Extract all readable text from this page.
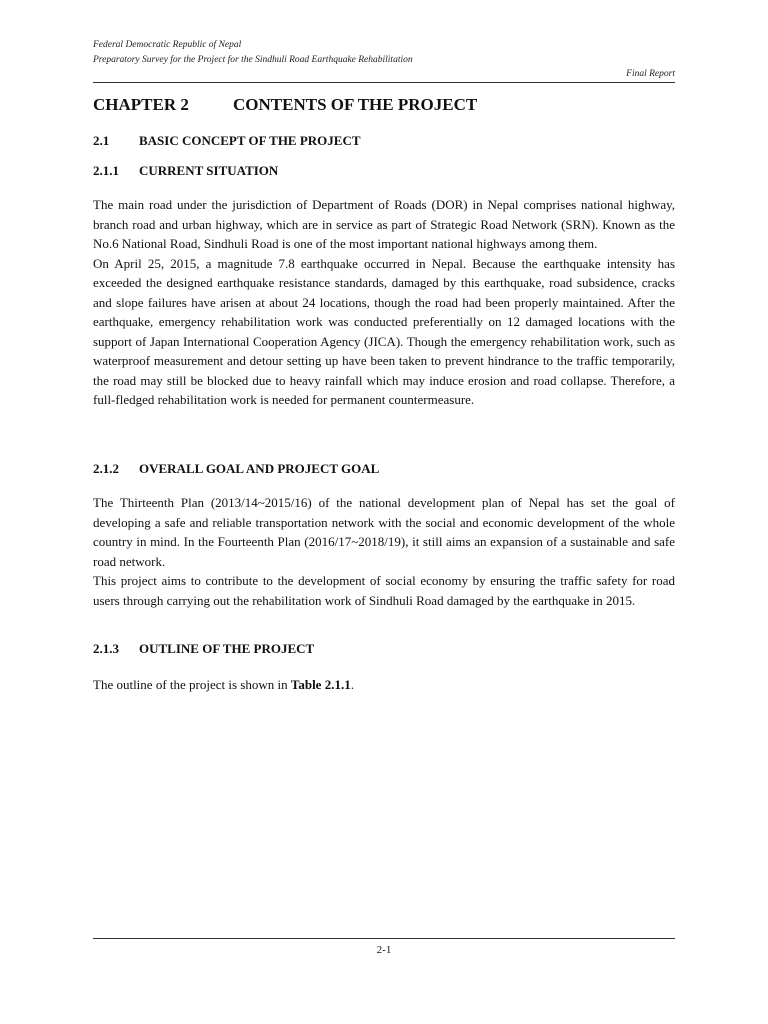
Federal Democratic Republic of Nepal
Preparatory Survey for the Project for the Sindhuli Road Earthquake Rehabilitation
Final Report
CHAPTER 2	CONTENTS OF THE PROJECT
2.1 BASIC CONCEPT OF THE PROJECT
2.1.1 CURRENT SITUATION

The main road under the jurisdiction of Department of Roads (DOR) in Nepal comprises national highway, branch road and urban highway, which are in service as part of Strategic Road Network (SRN). Known as the No.6 National Road, Sindhuli Road is one of the most important national highways among them.

On April 25, 2015, a magnitude 7.8 earthquake occurred in Nepal. Because the earthquake intensity has exceeded the designed earthquake resistance standards, damaged by this earthquake, road subsidence, cracks and slope failures have arisen at about 24 locations, though the road had been properly maintained. After the earthquake, emergency rehabilitation work was conducted preferentially on 12 damaged locations with the support of Japan International Cooperation Agency (JICA). Though the emergency rehabilitation work, such as waterproof measurement and detour setting up have been taken to prevent hindrance to the traffic temporarily, the road may still be blocked due to heavy rainfall which may induce erosion and road collapse. Therefore, a full-fledged rehabilitation work is needed for permanent countermeasure.

2.1.2 OVERALL GOAL AND PROJECT GOAL

The Thirteenth Plan (2013/14~2015/16) of the national development plan of Nepal has set the goal of developing a safe and reliable transportation network with the social and economic development of the whole country in mind. In the Fourteenth Plan (2016/17~2018/19), it still aims an expansion of a sustainable and safe road network.

This project aims to contribute to the development of social economy by ensuring the traffic safety for road users through carrying out the rehabilitation work of Sindhuli Road damaged by the earthquake in 2015.

2.1.3 OUTLINE OF THE PROJECT

The outline of the project is shown in Table 2.1.1.

2-1
